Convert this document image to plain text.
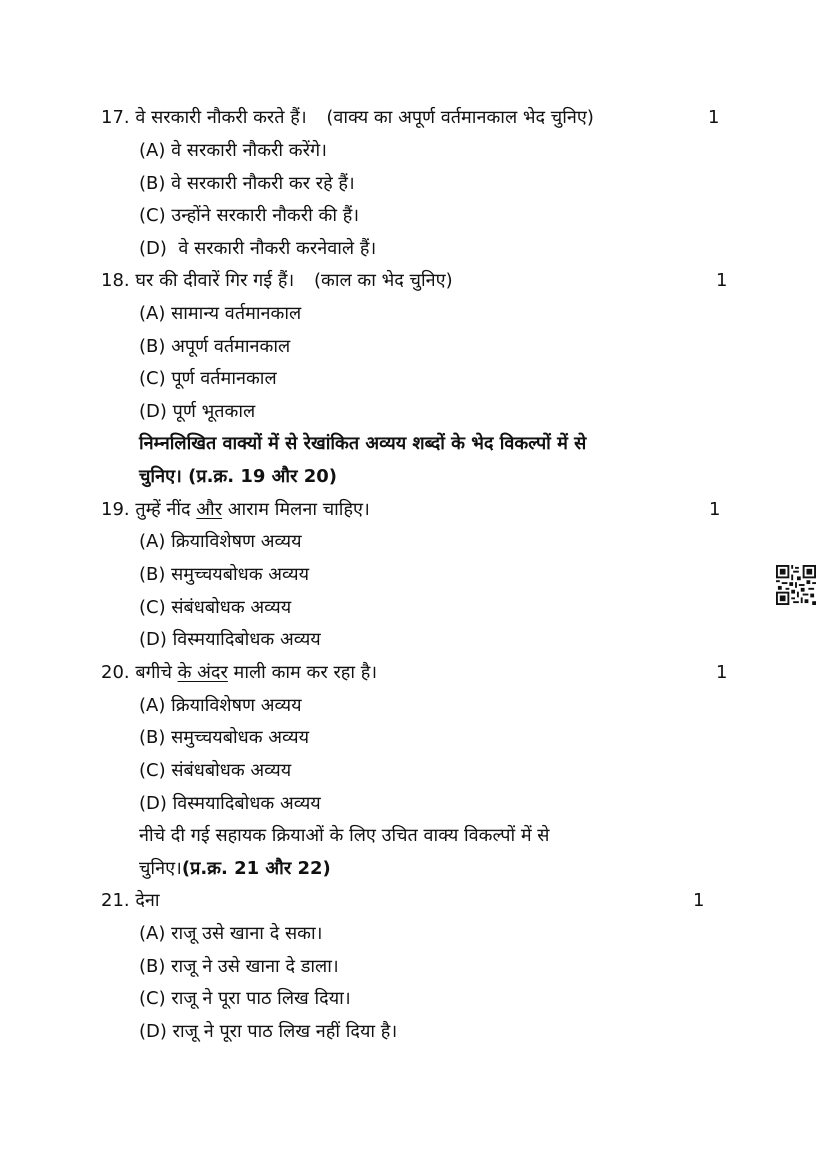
17. वे सरकारी नौकरी करते हैं। (वाक्य का अपूर्ण वर्तमानकाल भेद चुनिए)	1
(A) वे सरकारी नौकरी करेंगे।
(B) वे सरकारी नौकरी कर रहे हैं।
(C) उन्होंने सरकारी नौकरी की हैं।
(D)  वे सरकारी नौकरी करनेवाले हैं।
18. घर की दीवारें गिर गई हैं। (काल का भेद चुनिए)	1
(A) सामान्य वर्तमानकाल
(B) अपूर्ण वर्तमानकाल
(C) पूर्ण वर्तमानकाल
(D) पूर्ण भूतकाल
निम्नलिखित वाक्यों में से रेखांकित अव्यय शब्दों के भेद विकल्पों में से
चुनिए। (प्र.क्र. 19 और 20)
19. तुम्हें नींद और आराम मिलना चाहिए।	1
(A) क्रियाविशेषण अव्यय
(B) समुच्चयबोधक अव्यय
(C) संबंधबोधक अव्यय
(D) विस्मयादिबोधक अव्यय
20. बगीचे के अंदर माली काम कर रहा है।	1
(A) क्रियाविशेषण अव्यय
(B) समुच्चयबोधक अव्यय
(C) संबंधबोधक अव्यय
(D) विस्मयादिबोधक अव्यय
नीचे दी गई सहायक क्रियाओं के लिए उचित वाक्य विकल्पों में से
चुनिए।(प्र.क्र. 21 और 22)
21. देना	1
(A) राजू उसे खाना दे सका।
(B) राजू ने उसे खाना दे डाला।
(C) राजू ने पूरा पाठ लिख दिया।
(D) राजू ने पूरा पाठ लिख नहीं दिया है।
